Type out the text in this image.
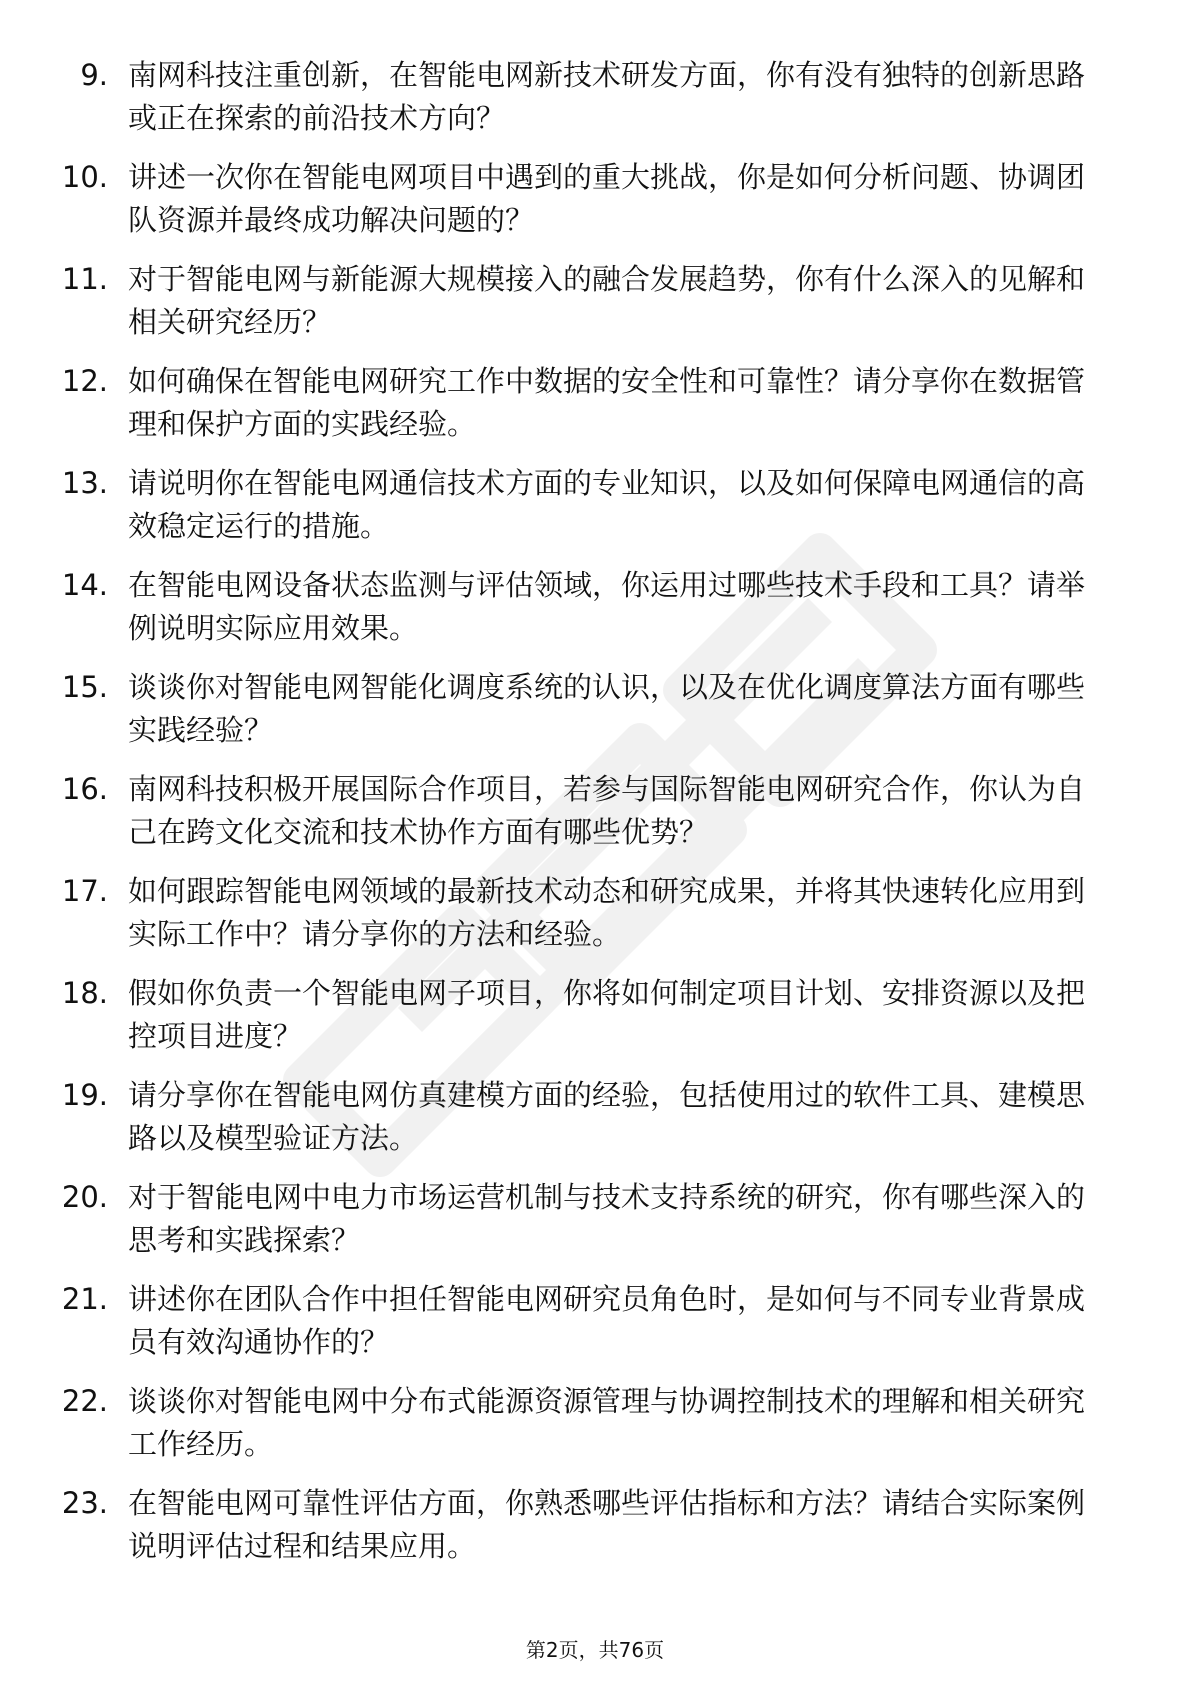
9. 南网科技注重创新，在智能电网新技术研发方面，你有没有独特的创新思路或正在探索的前沿技术方向？
10. 讲述一次你在智能电网项目中遇到的重大挑战，你是如何分析问题、协调团队资源并最终成功解决问题的？
11. 对于智能电网与新能源大规模接入的融合发展趋势，你有什么深入的见解和相关研究经历？
12. 如何确保在智能电网研究工作中数据的安全性和可靠性？请分享你在数据管理和保护方面的实践经验。
13. 请说明你在智能电网通信技术方面的专业知识，以及如何保障电网通信的高效稳定运行的措施。
14. 在智能电网设备状态监测与评估领域，你运用过哪些技术手段和工具？请举例说明实际应用效果。
15. 谈谈你对智能电网智能化调度系统的认识，以及在优化调度算法方面有哪些实践经验？
16. 南网科技积极开展国际合作项目，若参与国际智能电网研究合作，你认为自己在跨文化交流和技术协作方面有哪些优势？
17. 如何跟踪智能电网领域的最新技术动态和研究成果，并将其快速转化应用到实际工作中？请分享你的方法和经验。
18. 假如你负责一个智能电网子项目，你将如何制定项目计划、安排资源以及把控项目进度？
19. 请分享你在智能电网仿真建模方面的经验，包括使用过的软件工具、建模思路以及模型验证方法。
20. 对于智能电网中电力市场运营机制与技术支持系统的研究，你有哪些深入的思考和实践探索？
21. 讲述你在团队合作中担任智能电网研究员角色时，是如何与不同专业背景成员有效沟通协作的？
22. 谈谈你对智能电网中分布式能源资源管理与协调控制技术的理解和相关研究工作经历。
23. 在智能电网可靠性评估方面，你熟悉哪些评估指标和方法？请结合实际案例说明评估过程和结果应用。
第2页，共76页
